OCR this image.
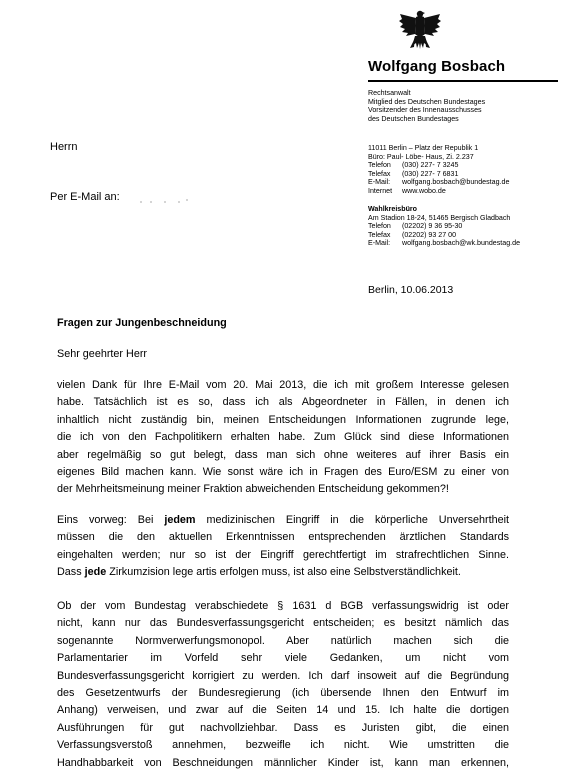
Wolfgang Bosbach
Rechtsanwalt
Mitglied des Deutschen Bundestages
Vorsitzender des Innenausschusses
des Deutschen Bundestages
11011 Berlin – Platz der Republik 1
Büro: Paul- Löbe- Haus, Zi. 2.237
Telefon (030) 227- 7 3245
Telefax (030) 227- 7 6831
E-Mail: wolfgang.bosbach@bundestag.de
Internet www.wobo.de
Wahlkreisbüro
Am Stadion 18-24, 51465 Bergisch Gladbach
Telefon (02202) 9 36 95-30
Telefax (02202) 93 27 00
E-Mail: wolfgang.bosbach@wk.bundestag.de
Herrn
Per E-Mail an:
Berlin, 10.06.2013
Fragen zur Jungenbeschneidung
Sehr geehrter Herr
vielen Dank für Ihre E-Mail vom 20. Mai 2013, die ich mit großem Interesse gelesen
habe. Tatsächlich ist es so, dass ich als Abgeordneter in Fällen, in denen ich
inhaltlich nicht zuständig bin, meinen Entscheidungen Informationen zugrunde lege,
die ich von den Fachpolitikern erhalten habe. Zum Glück sind diese Informationen
aber regelmäßig so gut belegt, dass man sich ohne weiteres auf ihrer Basis ein
eigenes Bild machen kann. Wie sonst wäre ich in Fragen des Euro/ESM zu einer von
der Mehrheitsmeinung meiner Fraktion abweichenden Entscheidung gekommen?!
Eins vorweg: Bei jedem medizinischen Eingriff in die körperliche Unversehrtheit
müssen die den aktuellen Erkenntnissen entsprechenden ärztlichen Standards
eingehalten werden; nur so ist der Eingriff gerechtfertigt im strafrechtlichen Sinne.
Dass jede Zirkumzision lege artis erfolgen muss, ist also eine Selbstverständlichkeit.
Ob der vom Bundestag verabschiedete § 1631 d BGB verfassungswidrig ist oder
nicht, kann nur das Bundesverfassungsgericht entscheiden; es besitzt nämlich das
sogenannte Normverwerfungsmonopol. Aber natürlich machen sich die
Parlamentarier im Vorfeld sehr viele Gedanken, um nicht vom
Bundesverfassungsgericht korrigiert zu werden. Ich darf insoweit auf die Begründung
des Gesetzentwurfs der Bundesregierung (ich übersende Ihnen den Entwurf im
Anhang) verweisen, und zwar auf die Seiten 14 und 15. Ich halte die dortigen
Ausführungen für gut nachvollziehbar. Dass es Juristen gibt, die einen
Verfassungsverstoß annehmen, bezweifle ich nicht. Wie umstritten die
Handhabbarkeit von Beschneidungen männlicher Kinder ist, kann man erkennen,
